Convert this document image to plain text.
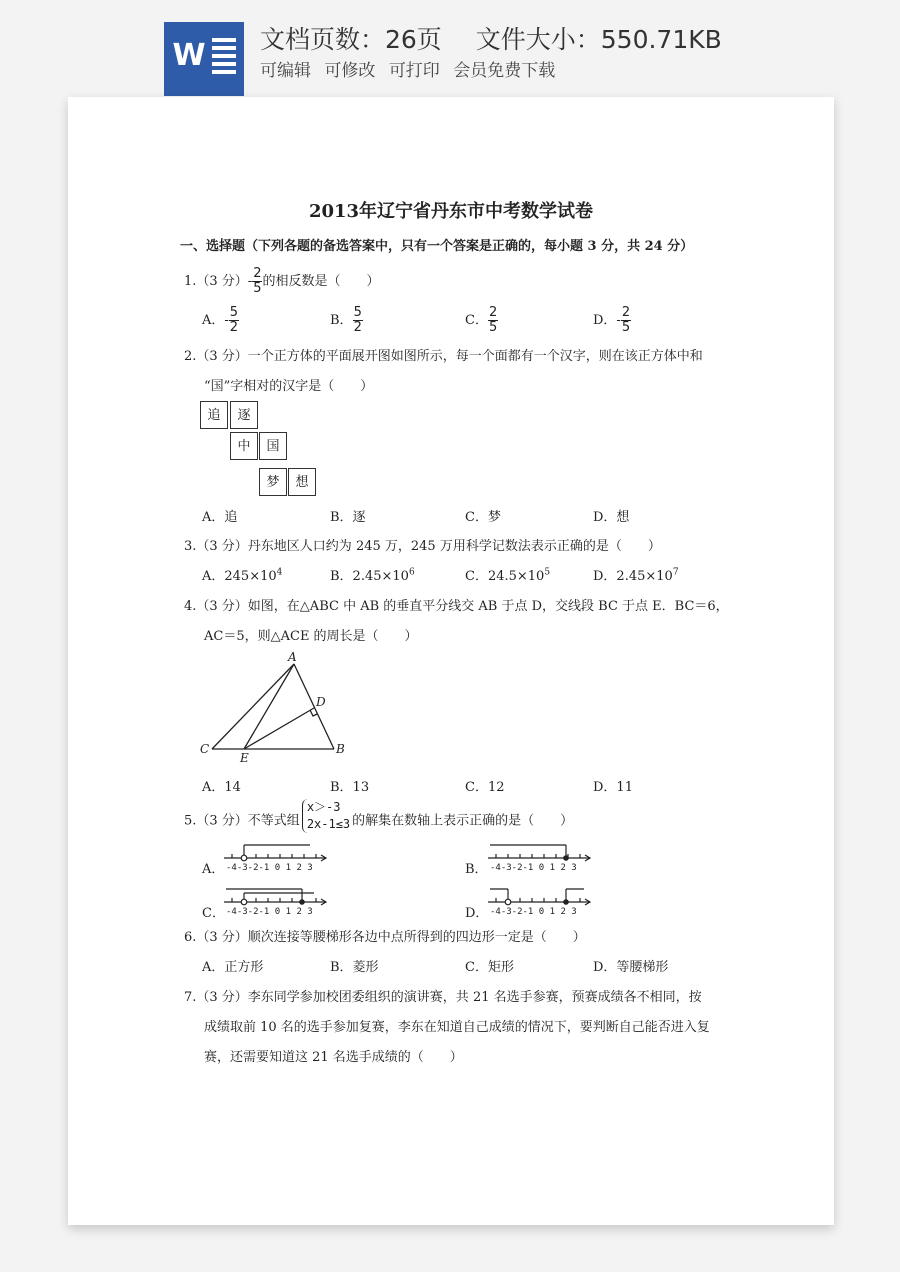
W 文档页数：26页 文件大小：550.71KB
可编辑 可修改 可打印 会员免费下载
2013年辽宁省丹东市中考数学试卷
一、选择题（下列各题的备选答案中，只有一个答案是正确的，每小题 3 分，共 24 分）
1.（3 分）- $\frac{2}{5}$ 的相反数是（　　）
A．- $\frac{5}{2}$	B． $\frac{5}{2}$	C． $\frac{2}{5}$	D．- $\frac{2}{5}$
2.（3 分）一个正方体的平面展开图如图所示，每一个面都有一个汉字，则在该正方体中和
“国”字相对的汉字是（　　）
追	逐
中	国
梦	想
A．追	B．逐	C．梦	D．想
3.（3 分）丹东地区人口约为 245 万，245 万用科学记数法表示正确的是（　　）
A．$245\times 10^4$	B．$2.45\times 10^6$	C．$24.5\times 10^5$	D．$2.45\times 10^7$
4.（3 分）如图，在△ABC 中 AB 的垂直平分线交 AB 于点 D，交线段 BC 于点 E．BC＝6，
AC＝5，则△ACE 的周长是（　　）
A
B
C
D
E
A．14	B．13	C．12	D．11
5.（3 分）不等式组
x＞-3
2x-1≤3 的解集在数轴上表示正确的是（　　）
A．	B．
C．	D．
-4-3-2-1 0 1 2 3	-4-3-2-1 0 1 2 3
-4-3-2-1 0 1 2 3	-4-3-2-1 0 1 2 3
6.（3 分）顺次连接等腰梯形各边中点所得到的四边形一定是（　　）
A．正方形	B．菱形	C．矩形	D．等腰梯形
7.（3 分）李东同学参加校团委组织的演讲赛，共 21 名选手参赛，预赛成绩各不相同，按
成绩取前 10 名的选手参加复赛，李东在知道自己成绩的情况下，要判断自己能否进入复
赛，还需要知道这 21 名选手成绩的（　　）
